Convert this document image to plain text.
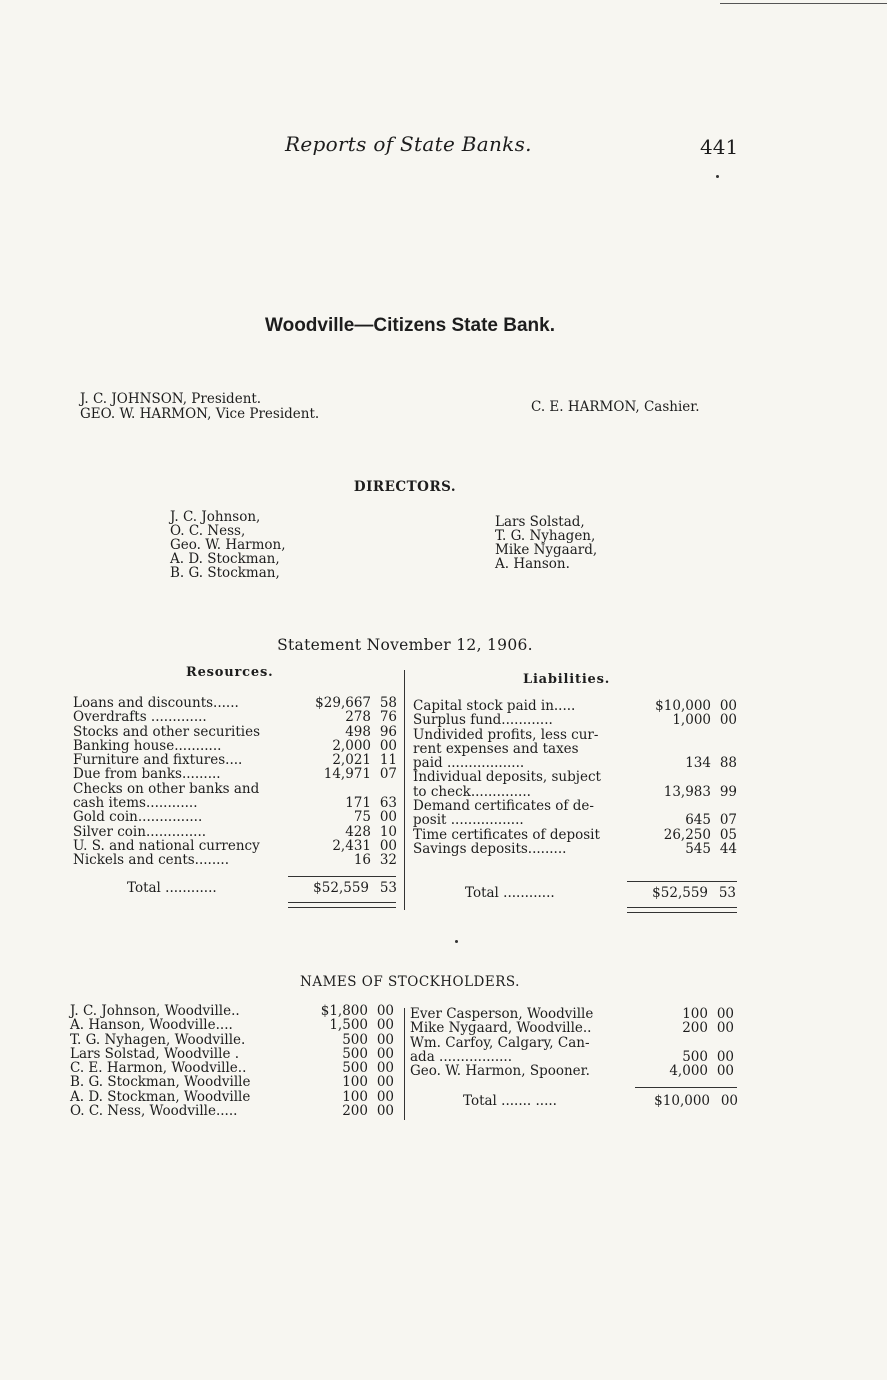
Reports of State Banks.	441
Woodville—Citizens State Bank.
J. C. JOHNSON, President.
GEO. W. HARMON, Vice President.	C. E. HARMON, Cashier.
DIRECTORS.
J. C. Johnson,
O. C. Ness,
Geo. W. Harmon,
A. D. Stockman,
B. G. Stockman,
Lars Solstad,
T. G. Nyhagen,
Mike Nygaard,
A. Hanson.
Statement November 12, 1906.
Resources.	Liabilities.
Loans and discounts......	$29,667 58
Overdrafts .............	278 76
Stocks and other securities	498 96
Banking house...........	2,000 00
Furniture and fixtures....	2,021 11
Due from banks.........	14,971 07
Checks on other banks and
cash items............	171 63
Gold coin...............	75 00
Silver coin..............	428 10
U. S. and national currency	2,431 00
Nickels and cents........	16 32
Capital stock paid in.....	$10,000 00
Surplus fund............	1,000 00
Undivided profits, less cur-
rent expenses and taxes
paid ..................	134 88
Individual deposits, subject
to check..............	13,983 99
Demand certificates of de-
posit .................	645 07
Time certificates of deposit	26,250 05
Savings deposits.........	545 44
Total ............	$52,559 53	Total ............	$52,559 53
NAMES OF STOCKHOLDERS.
J. C. Johnson, Woodville..	$1,800 00
A. Hanson, Woodville....	1,500 00
T. G. Nyhagen, Woodville.	500 00
Lars Solstad, Woodville .	500 00
C. E. Harmon, Woodville..	500 00
B. G. Stockman, Woodville	100 00
A. D. Stockman, Woodville	100 00
O. C. Ness, Woodville.....	200 00
Ever Casperson, Woodville	100 00
Mike Nygaard, Woodville..	200 00
Wm. Carfoy, Calgary, Can-
ada .................	500 00
Geo. W. Harmon, Spooner.	4,000 00
Total ....... .....	$10,000 00
